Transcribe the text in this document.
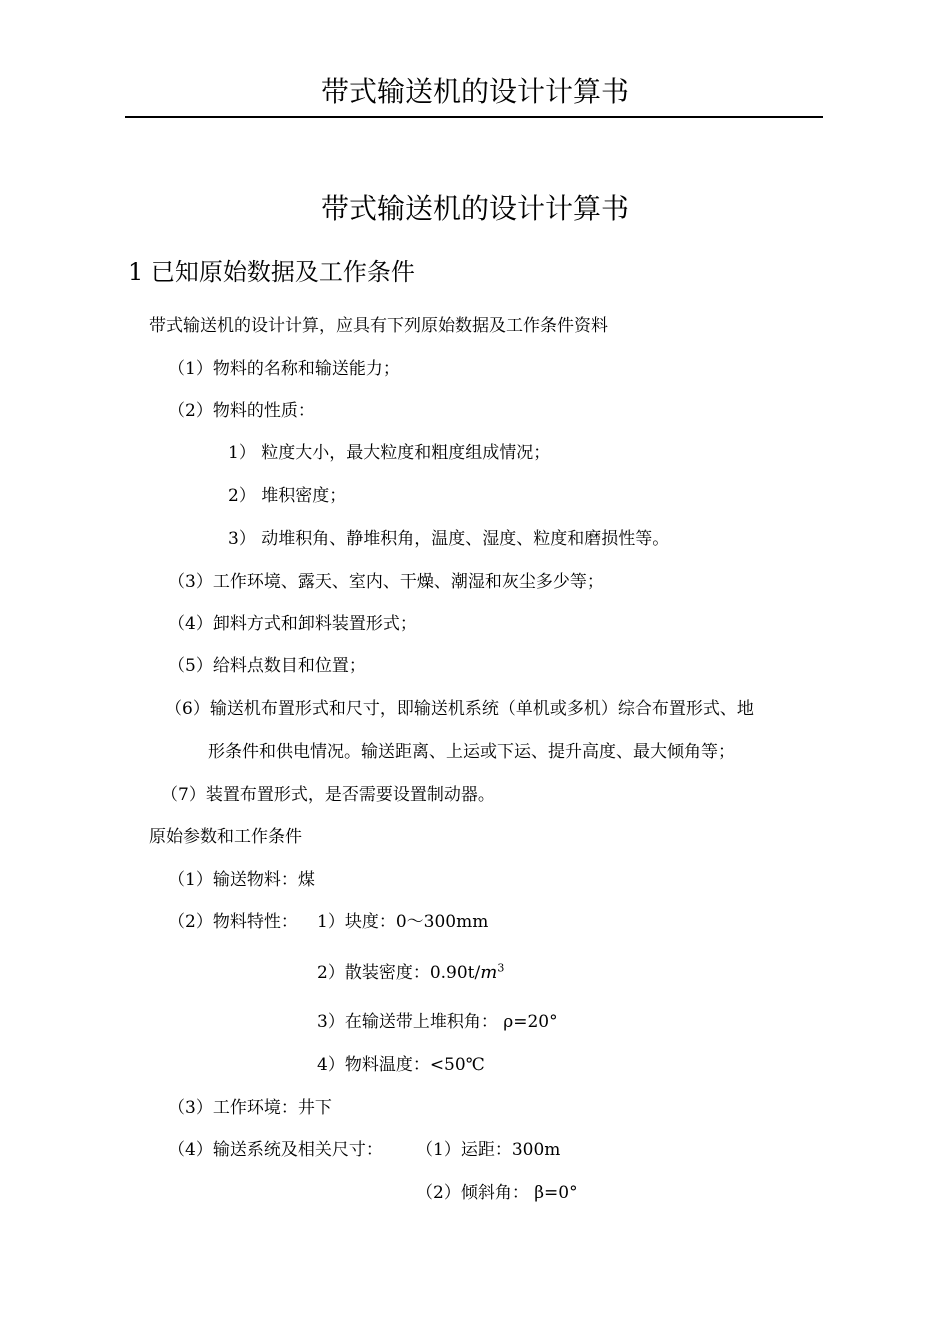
带式输送机的设计计算书
带式输送机的设计计算书
1 已知原始数据及工作条件
带式输送机的设计计算，应具有下列原始数据及工作条件资料
（1）物料的名称和输送能力；
（2）物料的性质：
1） 粒度大小，最大粒度和粗度组成情况；
2） 堆积密度；
3） 动堆积角、静堆积角，温度、湿度、粒度和磨损性等。
（3）工作环境、露天、室内、干燥、潮湿和灰尘多少等；
（4）卸料方式和卸料装置形式；
（5）给料点数目和位置；
（6）输送机布置形式和尺寸，即输送机系统（单机或多机）综合布置形式、地
形条件和供电情况。输送距离、上运或下运、提升高度、最大倾角等；
（7）装置布置形式，是否需要设置制动器。
原始参数和工作条件
（1）输送物料：煤
（2）物料特性： 1）块度：0～300mm
2）散装密度：$0.90t/m^3$
3）在输送带上堆积角： ρ=20°
4）物料温度：<50℃
（3）工作环境：井下
（4）输送系统及相关尺寸： （1）运距：300m
（2）倾斜角： β=0°
